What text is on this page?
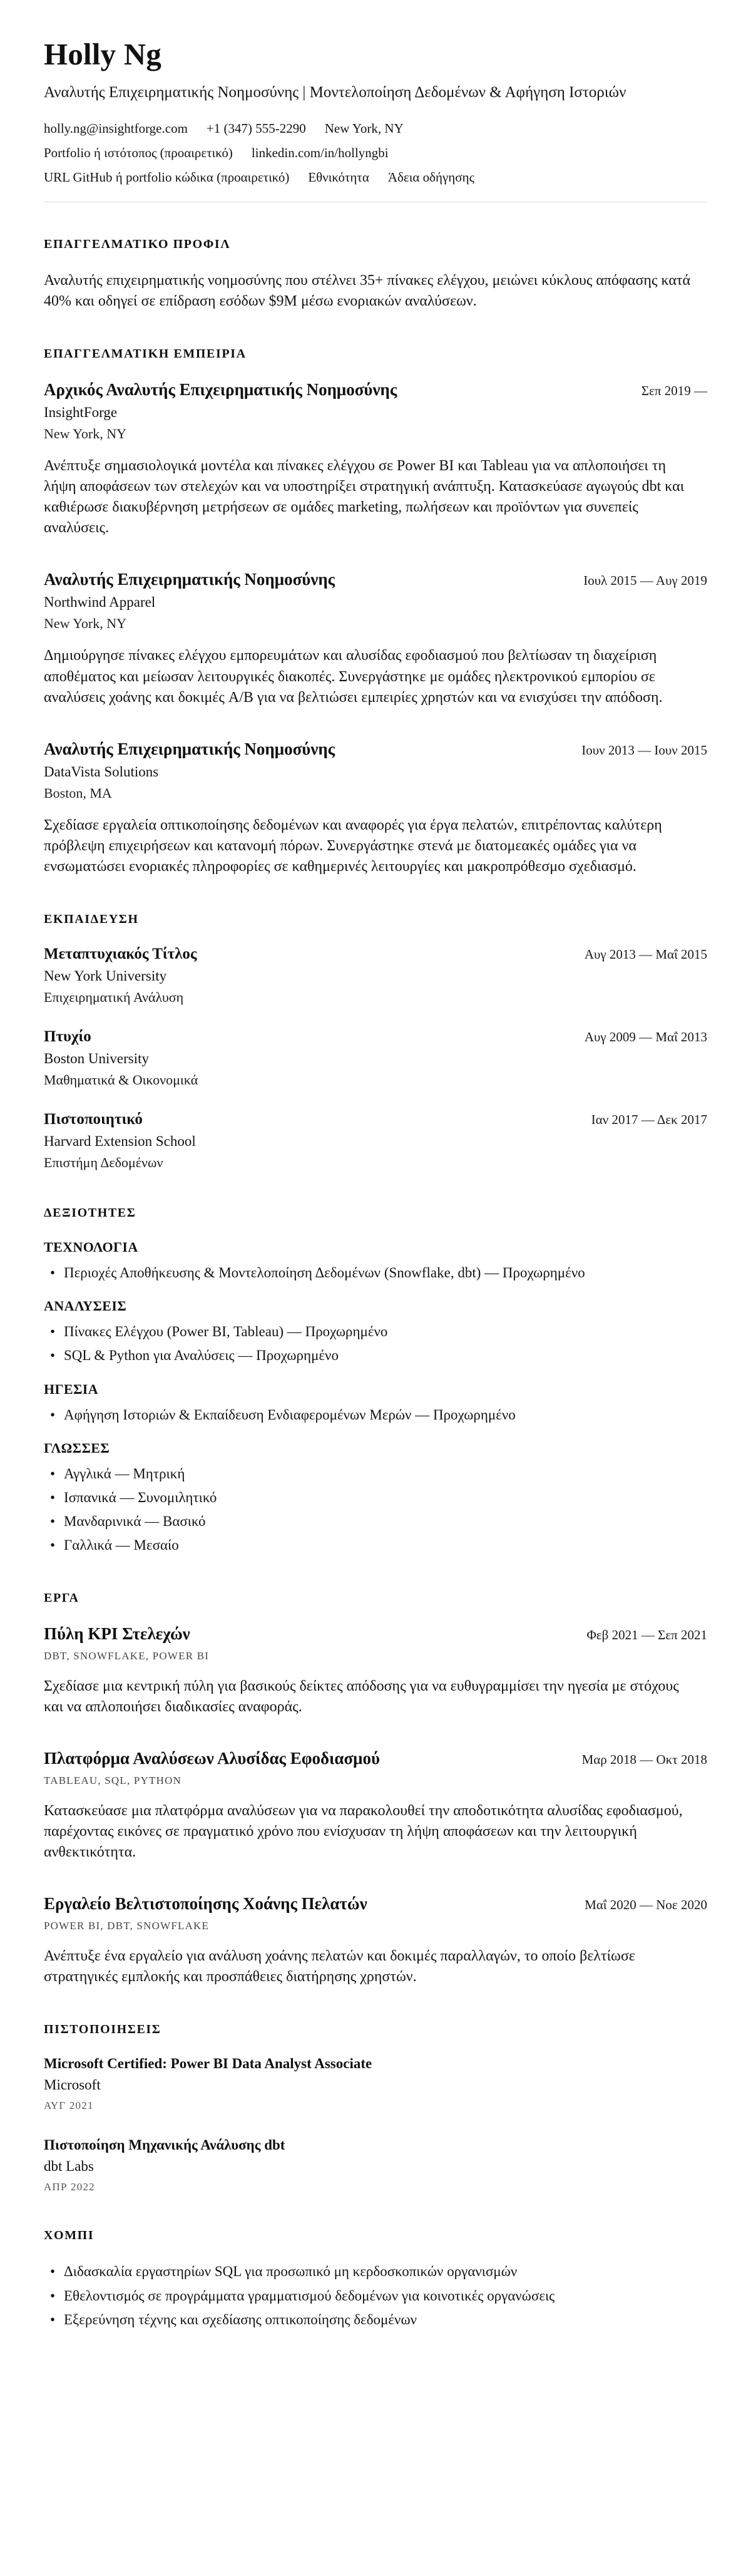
Holly Ng

Αναλυτής Επιχειρηματικής Νοημοσύνης | Μοντελοποίηση Δεδομένων & Αφήγηση Ιστοριών

holly.ng@insightforge.com +1 (347) 555-2290 New York, NY
Portfolio ή ιστότοπος (προαιρετικό) linkedin.com/in/hollyngbi
URL GitHub ή portfolio κώδικα (προαιρετικό) Εθνικότητα Άδεια οδήγησης
ΕΠΑΓΓΕΛΜΑΤΙΚΟ ΠΡΟΦΙΛ

Αναλυτής επιχειρηματικής νοημοσύνης που στέλνει 35+ πίνακες ελέγχου, μειώνει κύκλους απόφασης κατά 40% και οδηγεί σε επίδραση εσόδων $9M μέσω ενοριακών αναλύσεων.

ΕΠΑΓΓΕΛΜΑΤΙΚΗ ΕΜΠΕΙΡΙΑ
Αρχικός Αναλυτής Επιχειρηματικής Νοημοσύνης	Σεπ 2019 —
InsightForge
New York, NY

Ανέπτυξε σημασιολογικά μοντέλα και πίνακες ελέγχου σε Power BI και Tableau για να απλοποιήσει τη λήψη αποφάσεων των στελεχών και να υποστηρίξει στρατηγική ανάπτυξη. Κατασκεύασε αγωγούς dbt και καθιέρωσε διακυβέρνηση μετρήσεων σε ομάδες marketing, πωλήσεων και προϊόντων για συνεπείς αναλύσεις.

Αναλυτής Επιχειρηματικής Νοημοσύνης	Ιουλ 2015 — Αυγ 2019
Northwind Apparel
New York, NY

Δημιούργησε πίνακες ελέγχου εμπορευμάτων και αλυσίδας εφοδιασμού που βελτίωσαν τη διαχείριση αποθέματος και μείωσαν λειτουργικές διακοπές. Συνεργάστηκε με ομάδες ηλεκτρονικού εμπορίου σε αναλύσεις χοάνης και δοκιμές A/B για να βελτιώσει εμπειρίες χρηστών και να ενισχύσει την απόδοση.

Αναλυτής Επιχειρηματικής Νοημοσύνης	Ιουν 2013 — Ιουν 2015
DataVista Solutions
Boston, MA

Σχεδίασε εργαλεία οπτικοποίησης δεδομένων και αναφορές για έργα πελατών, επιτρέποντας καλύτερη πρόβλεψη επιχειρήσεων και κατανομή πόρων. Συνεργάστηκε στενά με διατομεακές ομάδες για να ενσωματώσει ενοριακές πληροφορίες σε καθημερινές λειτουργίες και μακροπρόθεσμο σχεδιασμό.

ΕΚΠΑΙΔΕΥΣΗ
Μεταπτυχιακός Τίτλος	Αυγ 2013 — Μαΐ 2015
New York University
Επιχειρηματική Ανάλυση
Πτυχίο	Αυγ 2009 — Μαΐ 2013
Boston University
Μαθηματικά & Οικονομικά
Πιστοποιητικό	Ιαν 2017 — Δεκ 2017
Harvard Extension School
Επιστήμη Δεδομένων
ΔΕΞΙΟΤΗΤΕΣ
ΤΕΧΝΟΛΟΓΙΑ
• Περιοχές Αποθήκευσης & Μοντελοποίηση Δεδομένων (Snowflake, dbt) — Προχωρημένο
ΑΝΑΛΥΣΕΙΣ
• Πίνακες Ελέγχου (Power BI, Tableau) — Προχωρημένο
• SQL & Python για Αναλύσεις — Προχωρημένο
ΗΓΕΣΙΑ
• Αφήγηση Ιστοριών & Εκπαίδευση Ενδιαφερομένων Μερών — Προχωρημένο
ΓΛΩΣΣΕΣ
• Αγγλικά — Μητρική
• Ισπανικά — Συνομιλητικό
• Μανδαρινικά — Βασικό
• Γαλλικά — Μεσαίο
ΕΡΓΑ
Πύλη KPI Στελεχών	Φεβ 2021 — Σεπ 2021
DBT, SNOWFLAKE, POWER BI

Σχεδίασε μια κεντρική πύλη για βασικούς δείκτες απόδοσης για να ευθυγραμμίσει την ηγεσία με στόχους και να απλοποιήσει διαδικασίες αναφοράς.

Πλατφόρμα Αναλύσεων Αλυσίδας Εφοδιασμού	Μαρ 2018 — Οκτ 2018
TABLEAU, SQL, PYTHON

Κατασκεύασε μια πλατφόρμα αναλύσεων για να παρακολουθεί την αποδοτικότητα αλυσίδας εφοδιασμού, παρέχοντας εικόνες σε πραγματικό χρόνο που ενίσχυσαν τη λήψη αποφάσεων και την λειτουργική ανθεκτικότητα.

Εργαλείο Βελτιστοποίησης Χοάνης Πελατών	Μαΐ 2020 — Νοε 2020
POWER BI, DBT, SNOWFLAKE

Ανέπτυξε ένα εργαλείο για ανάλυση χοάνης πελατών και δοκιμές παραλλαγών, το οποίο βελτίωσε στρατηγικές εμπλοκής και προσπάθειες διατήρησης χρηστών.

ΠΙΣΤΟΠΟΙΗΣΕΙΣ
Microsoft Certified: Power BI Data Analyst Associate
Microsoft
ΑΥΓ 2021
Πιστοποίηση Μηχανικής Ανάλυσης dbt
dbt Labs
ΑΠΡ 2022
ΧΟΜΠΙ
• Διδασκαλία εργαστηρίων SQL για προσωπικό μη κερδοσκοπικών οργανισμών
• Εθελοντισμός σε προγράμματα γραμματισμού δεδομένων για κοινοτικές οργανώσεις
• Εξερεύνηση τέχνης και σχεδίασης οπτικοποίησης δεδομένων
